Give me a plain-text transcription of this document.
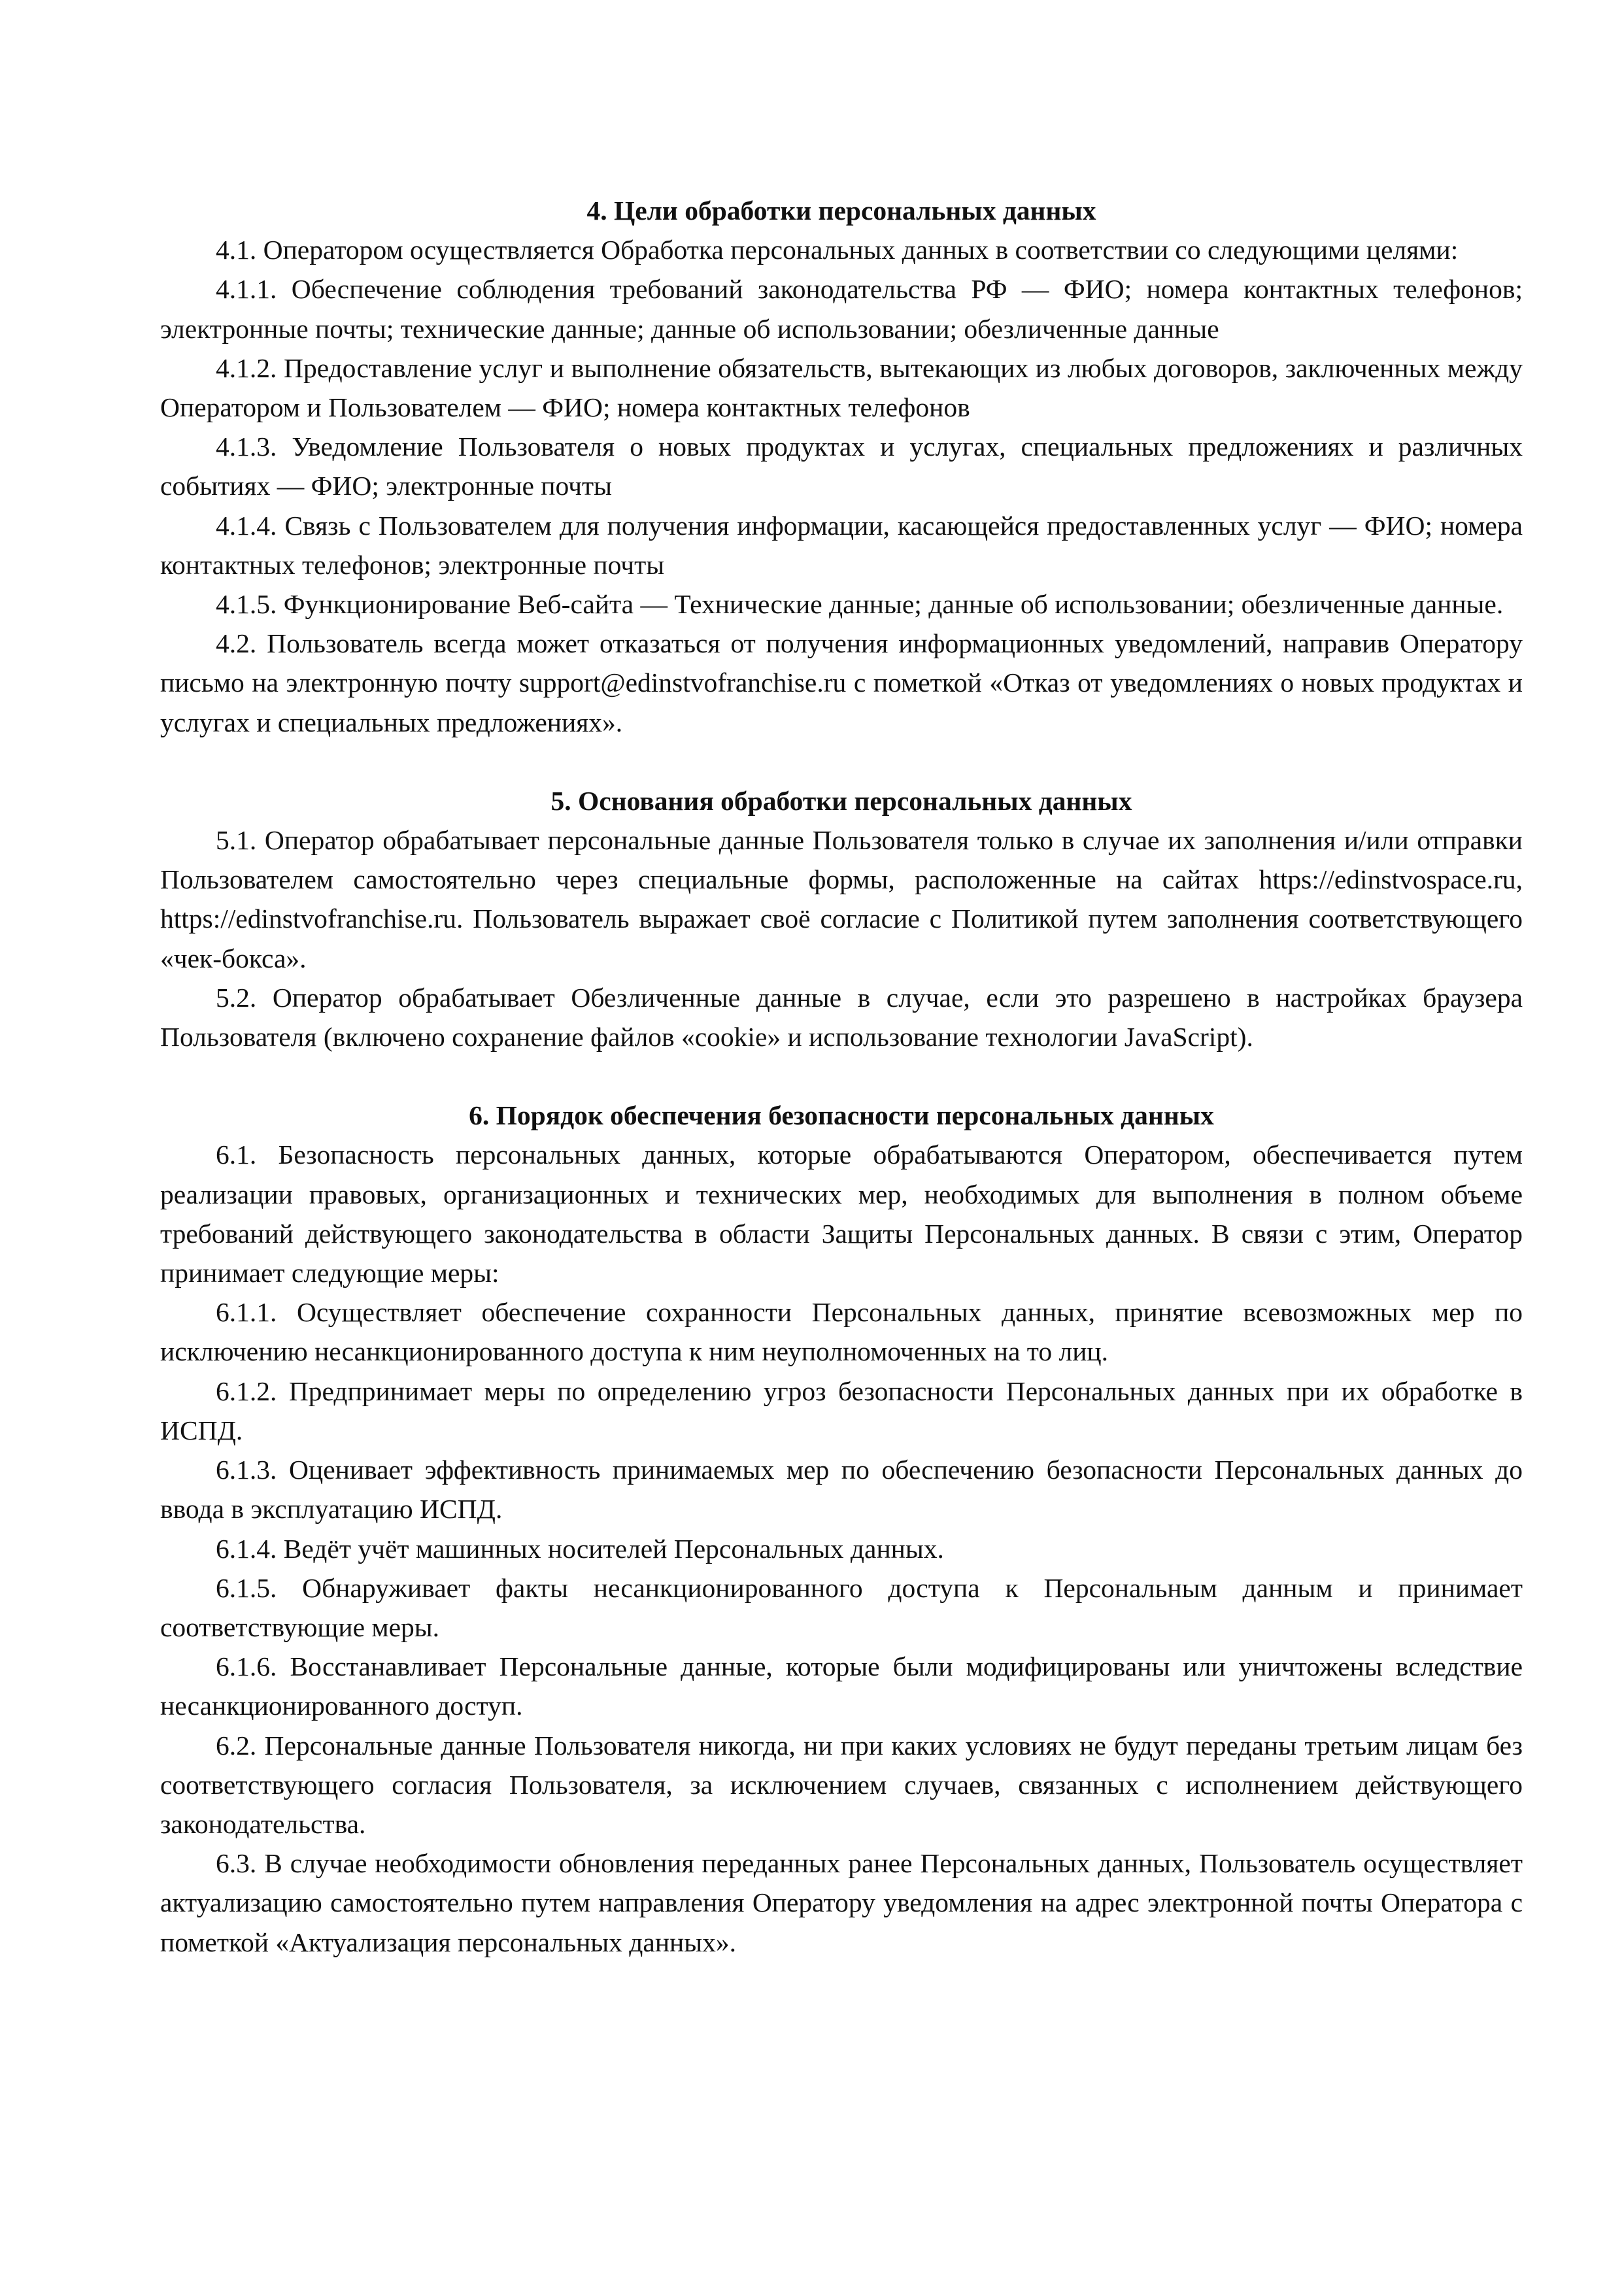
4. Цели обработки персональных данных

4.1. Оператором осуществляется Обработка персональных данных в соответствии со следующими целями:

4.1.1. Обеспечение соблюдения требований законодательства РФ — ФИО; номера контактных телефонов; электронные почты; технические данные; данные об использовании; обезличенные данные

4.1.2. Предоставление услуг и выполнение обязательств, вытекающих из любых договоров, заключенных между Оператором и Пользователем — ФИО; номера контактных телефонов

4.1.3. Уведомление Пользователя о новых продуктах и услугах, специальных предложениях и различных событиях — ФИО; электронные почты

4.1.4. Связь с Пользователем для получения информации, касающейся предоставленных услуг — ФИО; номера контактных телефонов; электронные почты

4.1.5. Функционирование Веб-сайта — Технические данные; данные об использовании; обезличенные данные.

4.2. Пользователь всегда может отказаться от получения информационных уведомлений, направив Оператору письмо на электронную почту support@edinstvofranchise.ru с пометкой «Отказ от уведомлениях о новых продуктах и услугах и специальных предложениях».

5. Основания обработки персональных данных

5.1. Оператор обрабатывает персональные данные Пользователя только в случае их заполнения и/или отправки Пользователем самостоятельно через специальные формы, расположенные на сайтах https://edinstvospace.ru, https://edinstvofranchise.ru. Пользователь выражает своё согласие с Политикой путем заполнения соответствующего «чек-бокса».

5.2. Оператор обрабатывает Обезличенные данные в случае, если это разрешено в настройках браузера Пользователя (включено сохранение файлов «cookie» и использование технологии JavaScript).

6. Порядок обеспечения безопасности персональных данных

6.1. Безопасность персональных данных, которые обрабатываются Оператором, обеспечивается путем реализации правовых, организационных и технических мер, необходимых для выполнения в полном объеме требований действующего законодательства в области Защиты Персональных данных. В связи с этим, Оператор принимает следующие меры:

6.1.1. Осуществляет обеспечение сохранности Персональных данных, принятие всевозможных мер по исключению несанкционированного доступа к ним неуполномоченных на то лиц.

6.1.2. Предпринимает меры по определению угроз безопасности Персональных данных при их обработке в ИСПД.

6.1.3. Оценивает эффективность принимаемых мер по обеспечению безопасности Персональных данных до ввода в эксплуатацию ИСПД.

6.1.4. Ведёт учёт машинных носителей Персональных данных.

6.1.5. Обнаруживает факты несанкционированного доступа к Персональным данным и принимает соответствующие меры.

6.1.6. Восстанавливает Персональные данные, которые были модифицированы или уничтожены вследствие несанкционированного доступ.

6.2. Персональные данные Пользователя никогда, ни при каких условиях не будут переданы третьим лицам без соответствующего согласия Пользователя, за исключением случаев, связанных с исполнением действующего законодательства.

6.3. В случае необходимости обновления переданных ранее Персональных данных, Пользователь осуществляет актуализацию самостоятельно путем направления Оператору уведомления на адрес электронной почты Оператора с пометкой «Актуализация персональных данных».
